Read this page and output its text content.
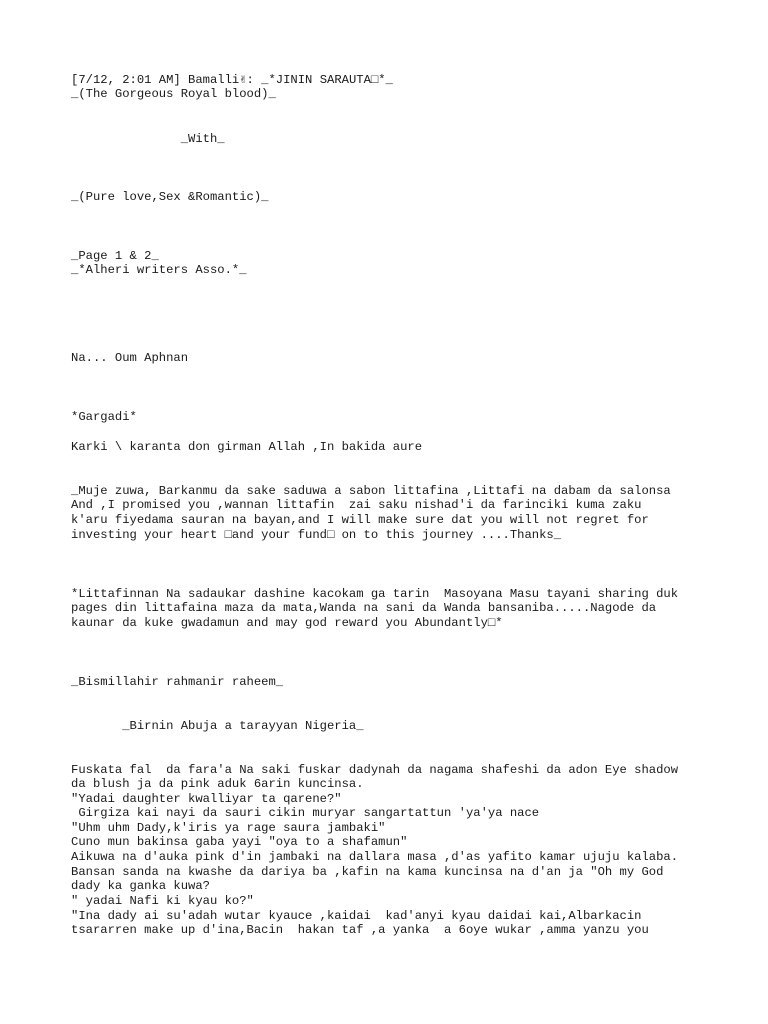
[7/12, 2:01 AM] Bamalli✌: _*JININ SARAUTA□*_

_(The Gorgeous Royal blood)_

_With_

_(Pure love,Sex &Romantic)_

_Page 1 & 2_

_*Alheri writers Asso.*_

Na... Oum Aphnan

*Gargadi*

Karki \ karanta don girman Allah ,In bakida aure

_Muje zuwa, Barkanmu da sake saduwa a sabon littafina ,Littafi na dabam da salonsa

And ,I promised you ,wannan littafin  zai saku nishad'i da farinciki kuma zaku

k'aru fiyedama sauran na bayan,and I will make sure dat you will not regret for

investing your heart □and your fund□ on to this journey ....Thanks_

*Littafinnan Na sadaukar dashine kacokam ga tarin  Masoyana Masu tayani sharing duk

pages din littafaina maza da mata,Wanda na sani da Wanda bansaniba.....Nagode da

kaunar da kuke gwadamun and may god reward you Abundantly□*

_Bismillahir rahmanir raheem_

_Birnin Abuja a tarayyan Nigeria_

Fuskata fal  da fara'a Na saki fuskar dadynah da nagama shafeshi da adon Eye shadow

da blush ja da pink aduk 6arin kuncinsa.

"Yadai daughter kwalliyar ta qarene?"

Girgiza kai nayi da sauri cikin muryar sangartattun 'ya'ya nace

"Uhm uhm Dady,k'iris ya rage saura jambaki"

Cuno mun bakinsa gaba yayi "oya to a shafamun"

Aikuwa na d'auka pink d'in jambaki na dallara masa ,d'as yafito kamar ujuju kalaba.

Bansan sanda na kwashe da dariya ba ,kafin na kama kuncinsa na d'an ja "Oh my God

dady ka ganka kuwa?

" yadai Nafi ki kyau ko?"

"Ina dady ai su'adah wutar kyauce ,kaidai  kad'anyi kyau daidai kai,Albarkacin

tsararren make up d'ina,Bacin  hakan taf ,a yanka  a 6oye wukar ,amma yanzu you
